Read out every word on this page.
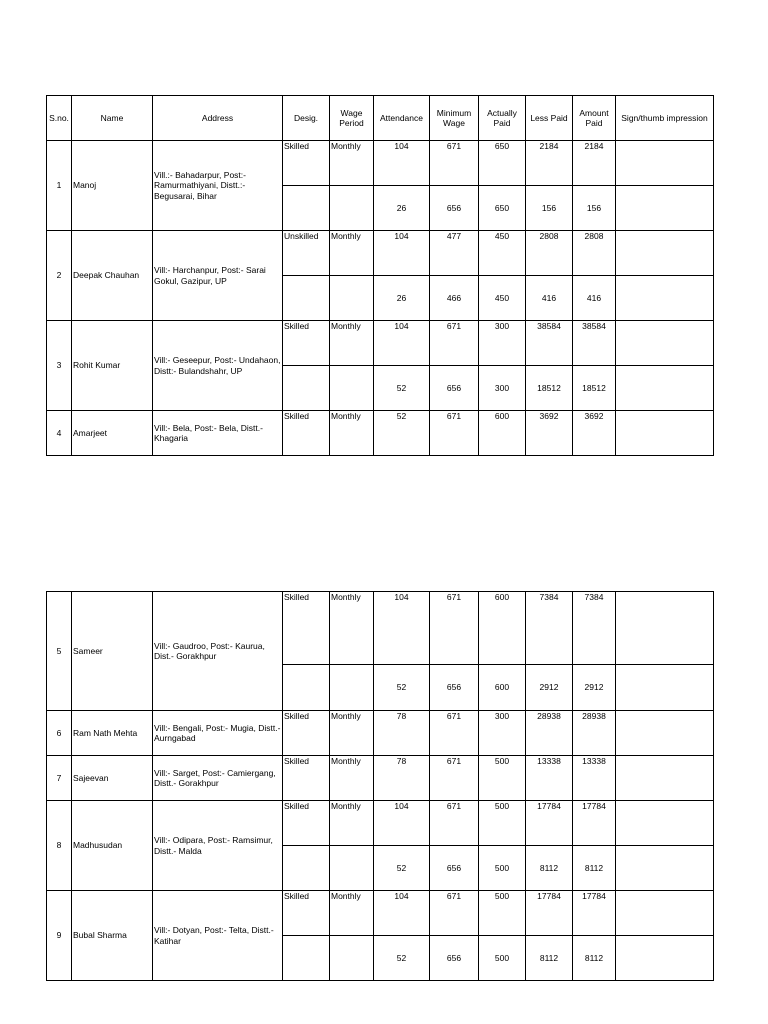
S.no.	Name	Address	Desig.	Wage Period	Attendance	Minimum Wage	Actually Paid	Less Paid	Amount Paid	Sign/thumb impression
1	Manoj	Vill.:- Bahadarpur, Post:- Ramurmathiyani, Distt.:- Begusarai, Bihar	Skilled	Monthly	104	671	650	2184	2184	
					26	656	650	156	156	
2	Deepak Chauhan	Vill:- Harchanpur, Post:- Sarai Gokul, Gazipur, UP	Unskilled	Monthly	104	477	450	2808	2808	
					26	466	450	416	416	
3	Rohit Kumar	Vill:- Geseepur, Post:- Undahaon, Distt:- Bulandshahr, UP	Skilled	Monthly	104	671	300	38584	38584	
					52	656	300	18512	18512	
4	Amarjeet	Vill:- Bela, Post:- Bela, Distt.- Khagaria	Skilled	Monthly	52	671	600	3692	3692	
5	Sameer	Vill:- Gaudroo, Post:- Kaurua, Dist.- Gorakhpur	Skilled	Monthly	104	671	600	7384	7384	
					52	656	600	2912	2912	
6	Ram Nath Mehta	Vill:- Bengali, Post:- Mugia, Distt.- Aurngabad	Skilled	Monthly	78	671	300	28938	28938	
7	Sajeevan	Vill:- Sarget, Post:- Camiergang, Distt.- Gorakhpur	Skilled	Monthly	78	671	500	13338	13338	
8	Madhusudan	Vill:- Odipara, Post:- Ramsimur, Distt.- Malda	Skilled	Monthly	104	671	500	17784	17784	
					52	656	500	8112	8112	
9	Bubal Sharma	Vill:- Dotyan, Post:- Telta, Distt.- Katihar	Skilled	Monthly	104	671	500	17784	17784	
					52	656	500	8112	8112	
